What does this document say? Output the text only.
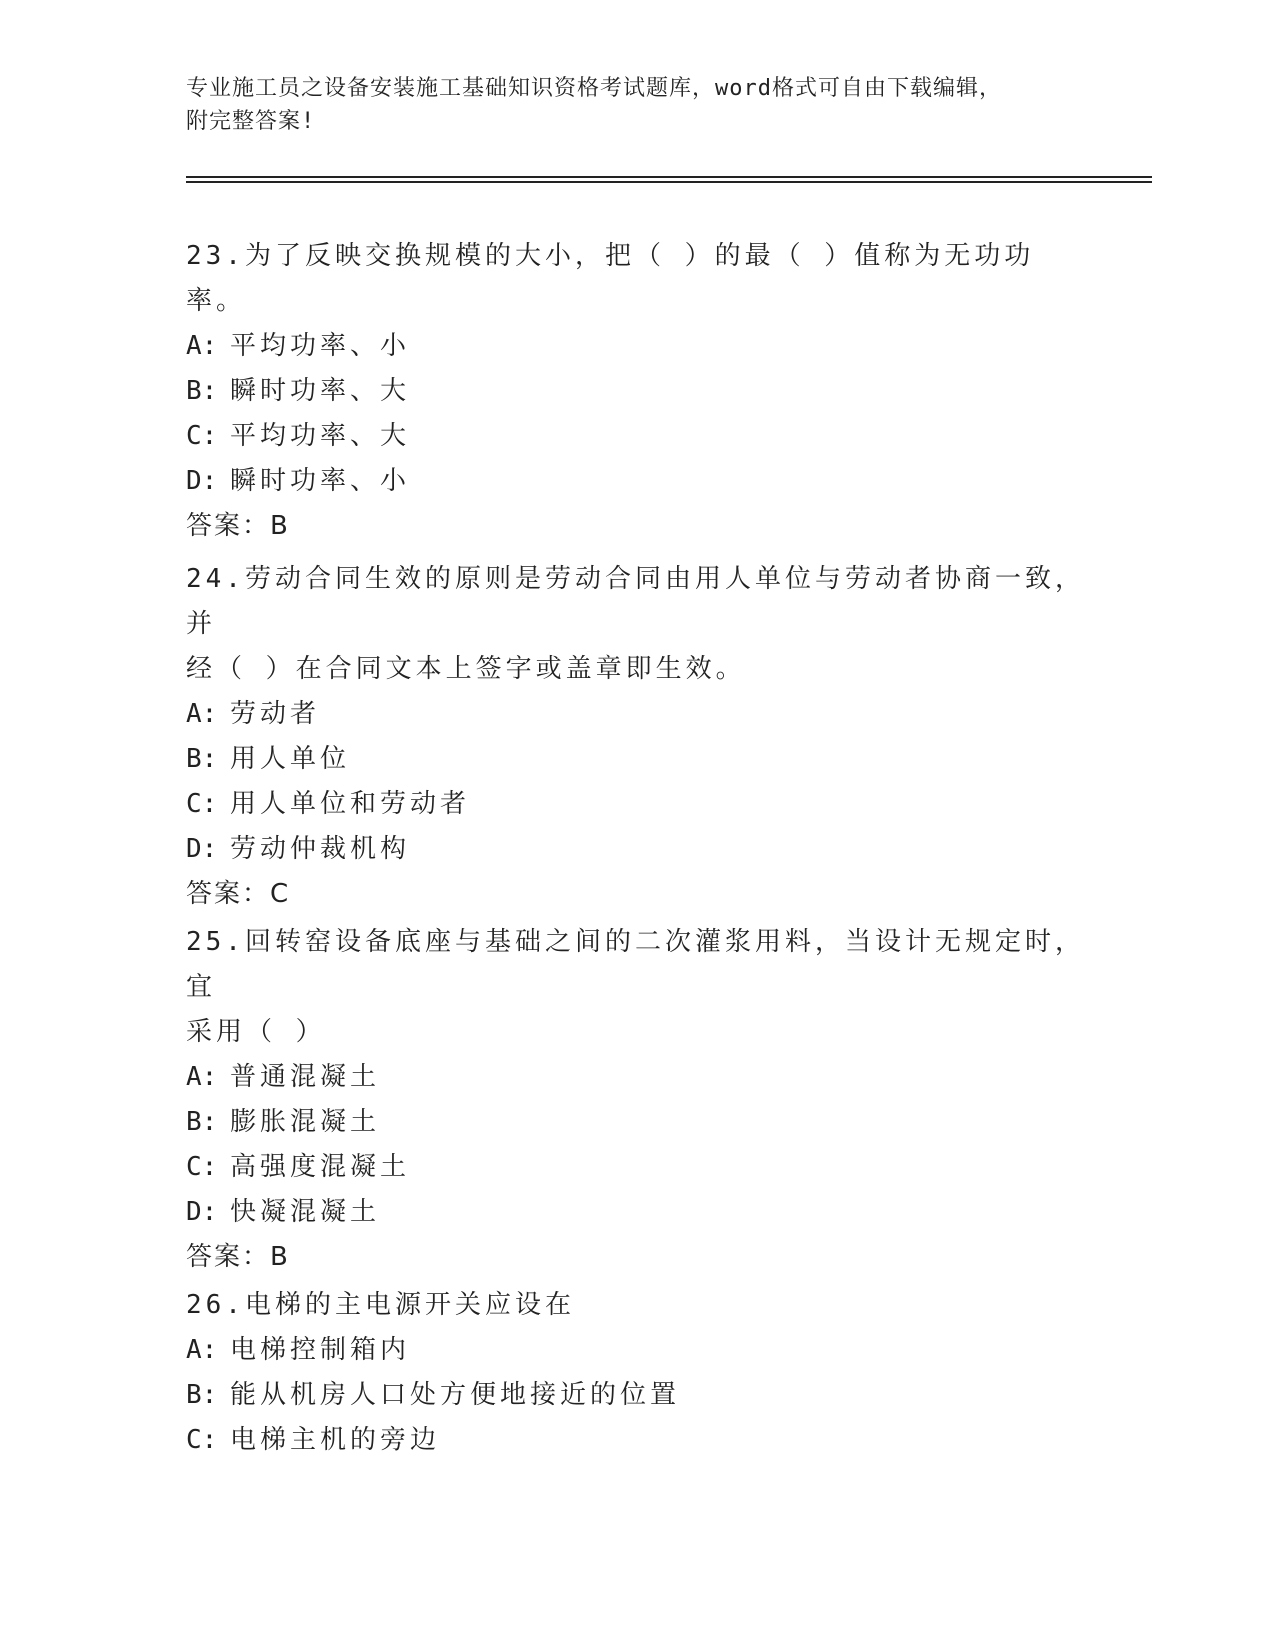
专业施工员之设备安装施工基础知识资格考试题库，word格式可自由下载编辑，
附完整答案!

23.为了反映交换规模的大小，把（ ）的最（ ）值称为无功功率。

A: 平均功率、小

B: 瞬时功率、大

C: 平均功率、大

D: 瞬时功率、小

答案：B

24.劳动合同生效的原则是劳动合同由用人单位与劳动者协商一致，并

经（ ）在合同文本上签字或盖章即生效。

A: 劳动者

B: 用人单位

C: 用人单位和劳动者

D: 劳动仲裁机构

答案：C

25.回转窑设备底座与基础之间的二次灌浆用料，当设计无规定时，宜

采用（ ）

A: 普通混凝土

B: 膨胀混凝土

C: 高强度混凝土

D: 快凝混凝土

答案：B

26.电梯的主电源开关应设在

A: 电梯控制箱内

B: 能从机房人口处方便地接近的位置

C: 电梯主机的旁边
